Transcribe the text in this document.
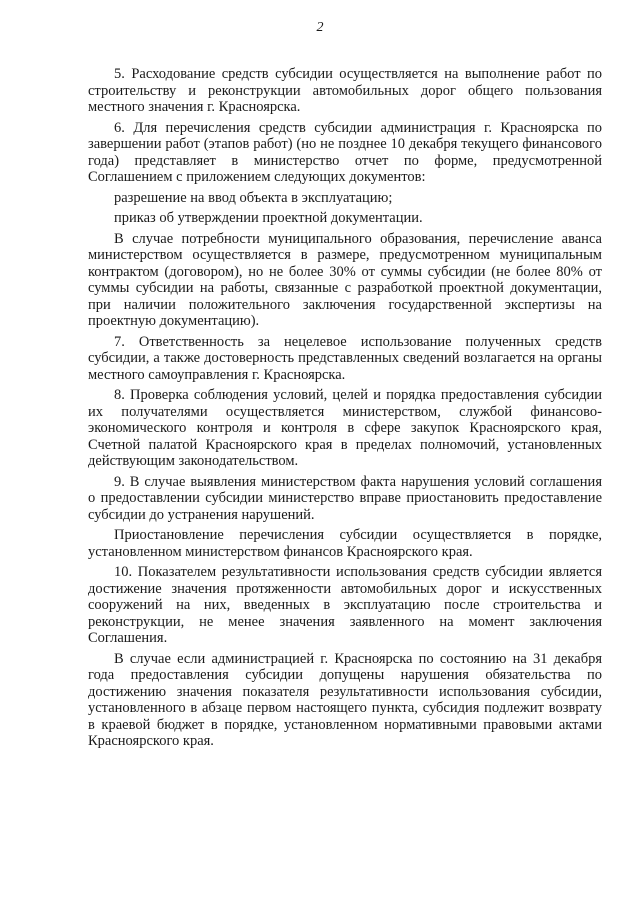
2

5. Расходование средств субсидии осуществляется на выполнение работ по строительству и реконструкции автомобильных дорог общего пользования местного значения г. Красноярска.

6. Для перечисления средств субсидии администрация г. Красноярска по завершении работ (этапов работ) (но не позднее 10 декабря текущего финансового года) представляет в министерство отчет по форме, предусмотренной Соглашением с приложением следующих документов:

разрешение на ввод объекта в эксплуатацию;

приказ об утверждении проектной документации.

В случае потребности муниципального образования, перечисление аванса министерством осуществляется в размере, предусмотренном муниципальным контрактом (договором), но не более 30% от суммы субсидии (не более 80% от суммы субсидии на работы, связанные с разработкой проектной документации, при наличии положительного заключения государственной экспертизы на проектную документацию).

7. Ответственность за нецелевое использование полученных средств субсидии, а также достоверность представленных сведений возлагается на органы местного самоуправления г. Красноярска.

8. Проверка соблюдения условий, целей и порядка предоставления субсидии их получателями осуществляется министерством, службой финансово-экономического контроля и контроля в сфере закупок Красноярского края, Счетной палатой Красноярского края в пределах полномочий, установленных действующим законодательством.

9. В случае выявления министерством факта нарушения условий соглашения о предоставлении субсидии министерство вправе приостановить предоставление субсидии до устранения нарушений.

Приостановление перечисления субсидии осуществляется в порядке, установленном министерством финансов Красноярского края.

10. Показателем результативности использования средств субсидии является достижение значения протяженности автомобильных дорог и искусственных сооружений на них, введенных в эксплуатацию после строительства и реконструкции, не менее значения заявленного на момент заключения Соглашения.

В случае если администрацией г. Красноярска по состоянию на 31 декабря года предоставления субсидии допущены нарушения обязательства по достижению значения показателя результативности использования субсидии, установленного в абзаце первом настоящего пункта, субсидия подлежит возврату в краевой бюджет в порядке, установленном нормативными правовыми актами Красноярского края.
